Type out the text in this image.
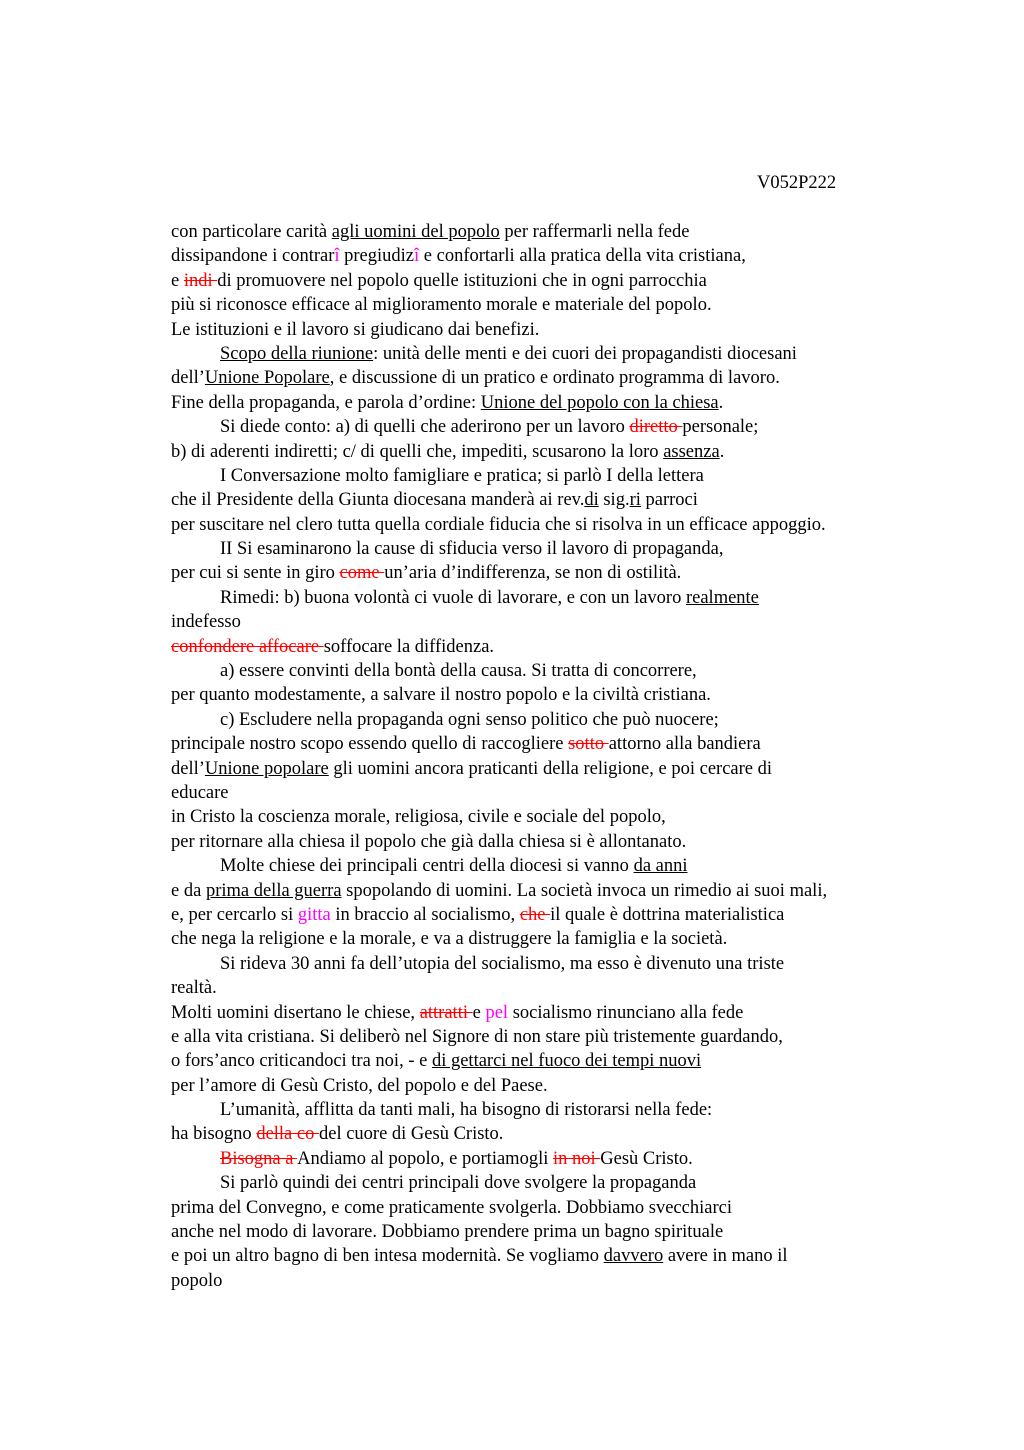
V052P222
con particolare carità agli uomini del popolo per raffermarli nella fede
dissipandone i contrarî pregiudizî e confortarli alla pratica della vita cristiana,
e indi di promuovere nel popolo quelle istituzioni che in ogni parrocchia
più si riconosce efficace al miglioramento morale e materiale del popolo.
Le istituzioni e il lavoro si giudicano dai benefizi.
Scopo della riunione: unità delle menti e dei cuori dei propagandisti diocesani
dell’Unione Popolare, e discussione di un pratico e ordinato programma di lavoro.
Fine della propaganda, e parola d’ordine: Unione del popolo con la chiesa.
Si diede conto: a) di quelli che aderirono per un lavoro diretto personale;
b) di aderenti indiretti; c/ di quelli che, impediti, scusarono la loro assenza.
I Conversazione molto famigliare e pratica; si parlò I della lettera
che il Presidente della Giunta diocesana manderà ai rev.di sig.ri parroci
per suscitare nel clero tutta quella cordiale fiducia che si risolva in un efficace appoggio.
II Si esaminarono la cause di sfiducia verso il lavoro di propaganda,
per cui si sente in giro come un’aria d’indifferenza, se non di ostilità.
Rimedi: b) buona volontà ci vuole di lavorare, e con un lavoro realmente
indefesso
confondere affocare soffocare la diffidenza.
a) essere convinti della bontà della causa. Si tratta di concorrere,
per quanto modestamente, a salvare il nostro popolo e la civiltà cristiana.
c) Escludere nella propaganda ogni senso politico che può nuocere;
principale nostro scopo essendo quello di raccogliere sotto attorno alla bandiera
dell’Unione popolare gli uomini ancora praticanti della religione, e poi cercare di
educare
in Cristo la coscienza morale, religiosa, civile e sociale del popolo,
per ritornare alla chiesa il popolo che già dalla chiesa si è allontanato.
Molte chiese dei principali centri della diocesi si vanno da anni
e da prima della guerra spopolando di uomini. La società invoca un rimedio ai suoi mali,
e, per cercarlo si gitta in braccio al socialismo, che il quale è dottrina materialistica
che nega la religione e la morale, e va a distruggere la famiglia e la società.
Si rideva 30 anni fa dell’utopia del socialismo, ma esso è divenuto una triste
realtà.
Molti uomini disertano le chiese, attratti e pel socialismo rinunciano alla fede
e alla vita cristiana. Si deliberò nel Signore di non stare più tristemente guardando,
o fors’anco criticandoci tra noi, - e di gettarci nel fuoco dei tempi nuovi
per l’amore di Gesù Cristo, del popolo e del Paese.
L’umanità, afflitta da tanti mali, ha bisogno di ristorarsi nella fede:
ha bisogno della co del cuore di Gesù Cristo.
Bisogna a Andiamo al popolo, e portiamogli in noi Gesù Cristo.
Si parlò quindi dei centri principali dove svolgere la propaganda
prima del Convegno, e come praticamente svolgerla. Dobbiamo svecchiarci
anche nel modo di lavorare. Dobbiamo prendere prima un bagno spirituale
e poi un altro bagno di ben intesa modernità. Se vogliamo davvero avere in mano il
popolo
